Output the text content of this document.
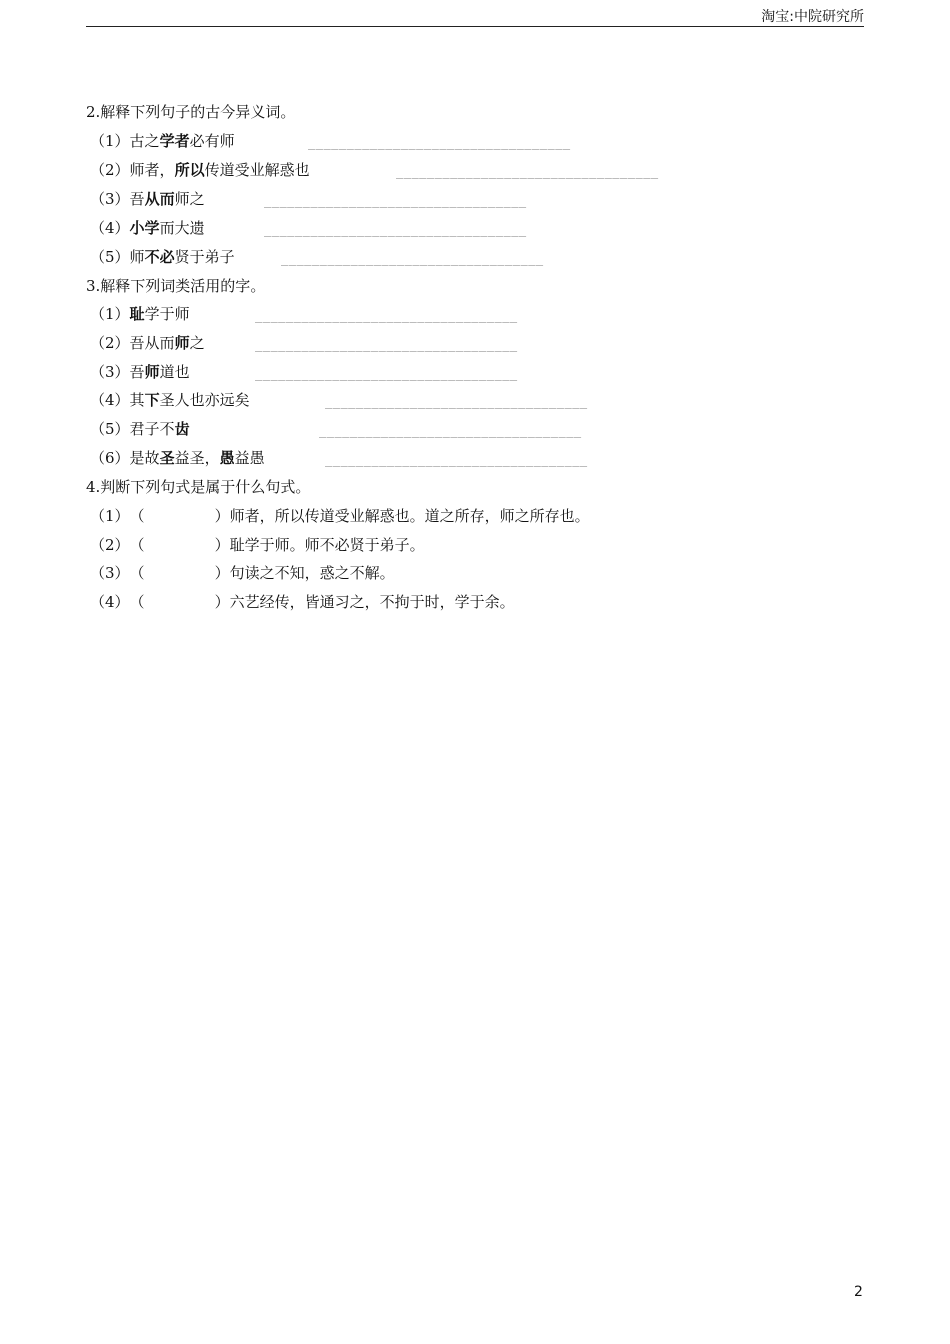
淘宝:中院研究所
2.解释下列句子的古今异义词。
（1）古之学者必有师	__________________________________
（2）师者，所以传道受业解惑也	__________________________________
（3）吾从而师之	__________________________________
（4）小学而大遗	__________________________________
（5）师不必贤于弟子	__________________________________
3.解释下列词类活用的字。
（1）耻学于师	__________________________________
（2）吾从而师之	__________________________________
（3）吾师道也	__________________________________
（4）其下圣人也亦远矣	__________________________________
（5）君子不齿	__________________________________
（6）是故圣益圣，愚益愚	__________________________________
4.判断下列句式是属于什么句式。
（1）（	）师者，所以传道受业解惑也。道之所存，师之所存也。
（2）（	）耻学于师。师不必贤于弟子。
（3）（	）句读之不知，惑之不解。
（4）（	）六艺经传，皆通习之，不拘于时，学于余。
2
